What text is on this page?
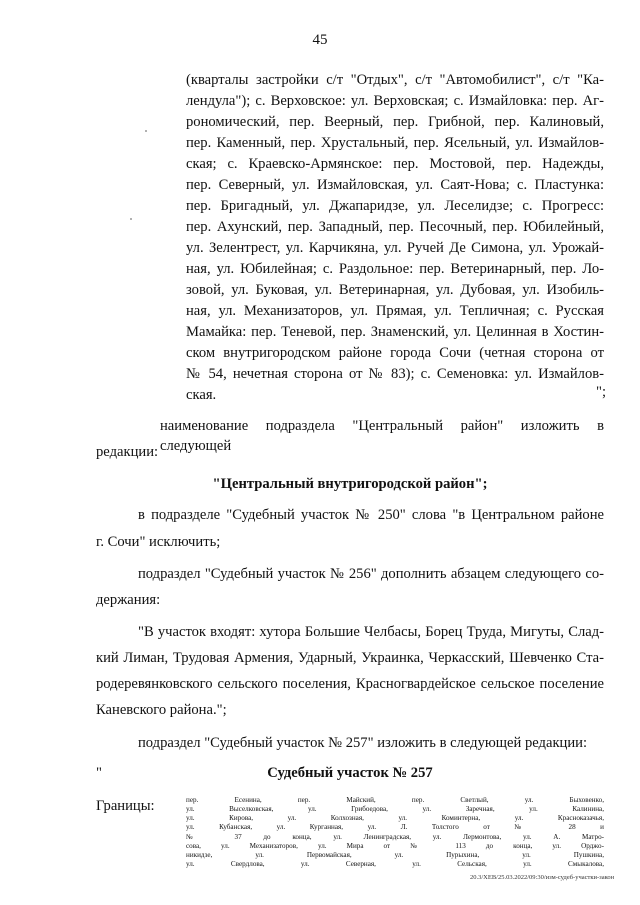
45
(кварталы застройки с/т "Отдых", с/т "Автомобилист", с/т "Ка-
лендула"); с. Верховское: ул. Верховская; с. Измайловка: пер. Аг-
рономический, пер. Веерный, пер. Грибной, пер. Калиновый,
пер. Каменный, пер. Хрустальный, пер. Ясельный, ул. Измайлов-
ская; с. Краевско-Армянское: пер. Мостовой, пер. Надежды,
пер. Северный, ул. Измайловская, ул. Саят-Нова; с. Пластунка:
пер. Бригадный, ул. Джапаридзе, ул. Леселидзе; с. Прогресс:
пер. Ахунский, пер. Западный, пер. Песочный, пер. Юбилейный,
ул. Зелентрест, ул. Карчикяна, ул. Ручей Де Симона, ул. Урожай-
ная, ул. Юбилейная; с. Раздольное: пер. Ветеринарный, пер. Ло-
зовой, ул. Буковая, ул. Ветеринарная, ул. Дубовая, ул. Изобиль-
ная, ул. Механизаторов, ул. Прямая, ул. Тепличная; с. Русская
Мамайка: пер. Теневой, пер. Знаменский, ул. Целинная в Хостин-
ском внутригородском районе города Сочи (четная сторона от
№ 54, нечетная сторона от № 83); с. Семеновка: ул. Измайлов-
ская.	";
наименование подраздела "Центральный район" изложить в следующей
редакции:
"Центральный внутригородской район";
в подразделе "Судебный участок № 250" слова "в Центральном районе
г. Сочи" исключить;
подраздел "Судебный участок № 256" дополнить абзацем следующего со-
держания:
"В участок входят: хутора Большие Челбасы, Борец Труда, Мигуты, Слад-
кий Лиман, Трудовая Армения, Ударный, Украинка, Черкасский, Шевченко Ста-
родеревянковского сельского поселения, Красногвардейское сельское поселение
Каневского района.";
подраздел "Судебный участок № 257" изложить в следующей редакции:
"	Судебный участок № 257
Границы:	пер. Есенина, пер. Майский, пер. Светлый, ул. Быховенко,
ул. Выселковская, ул. Грибоедова, ул. Заречная, ул. Калинина,
ул. Кирова, ул. Колхозная, ул. Коминтерна, ул. Красноказачья,
ул. Кубанская, ул. Курганная, ул. Л. Толстого от № 28 и
№ 37 до конца, ул. Ленинградская, ул. Лермонтова, ул. А. Матро-
сова, ул. Механизаторов, ул. Мира от № 113 до конца, ул. Орджо-
никидзе, ул. Первомайская, ул. Пурыхина, ул. Пушкина,
ул. Свердлова, ул. Северная, ул. Сельская, ул. Смыкалова,
20.3/XEB/25.03.2022/09:30/изм-судеб-участки-закон
